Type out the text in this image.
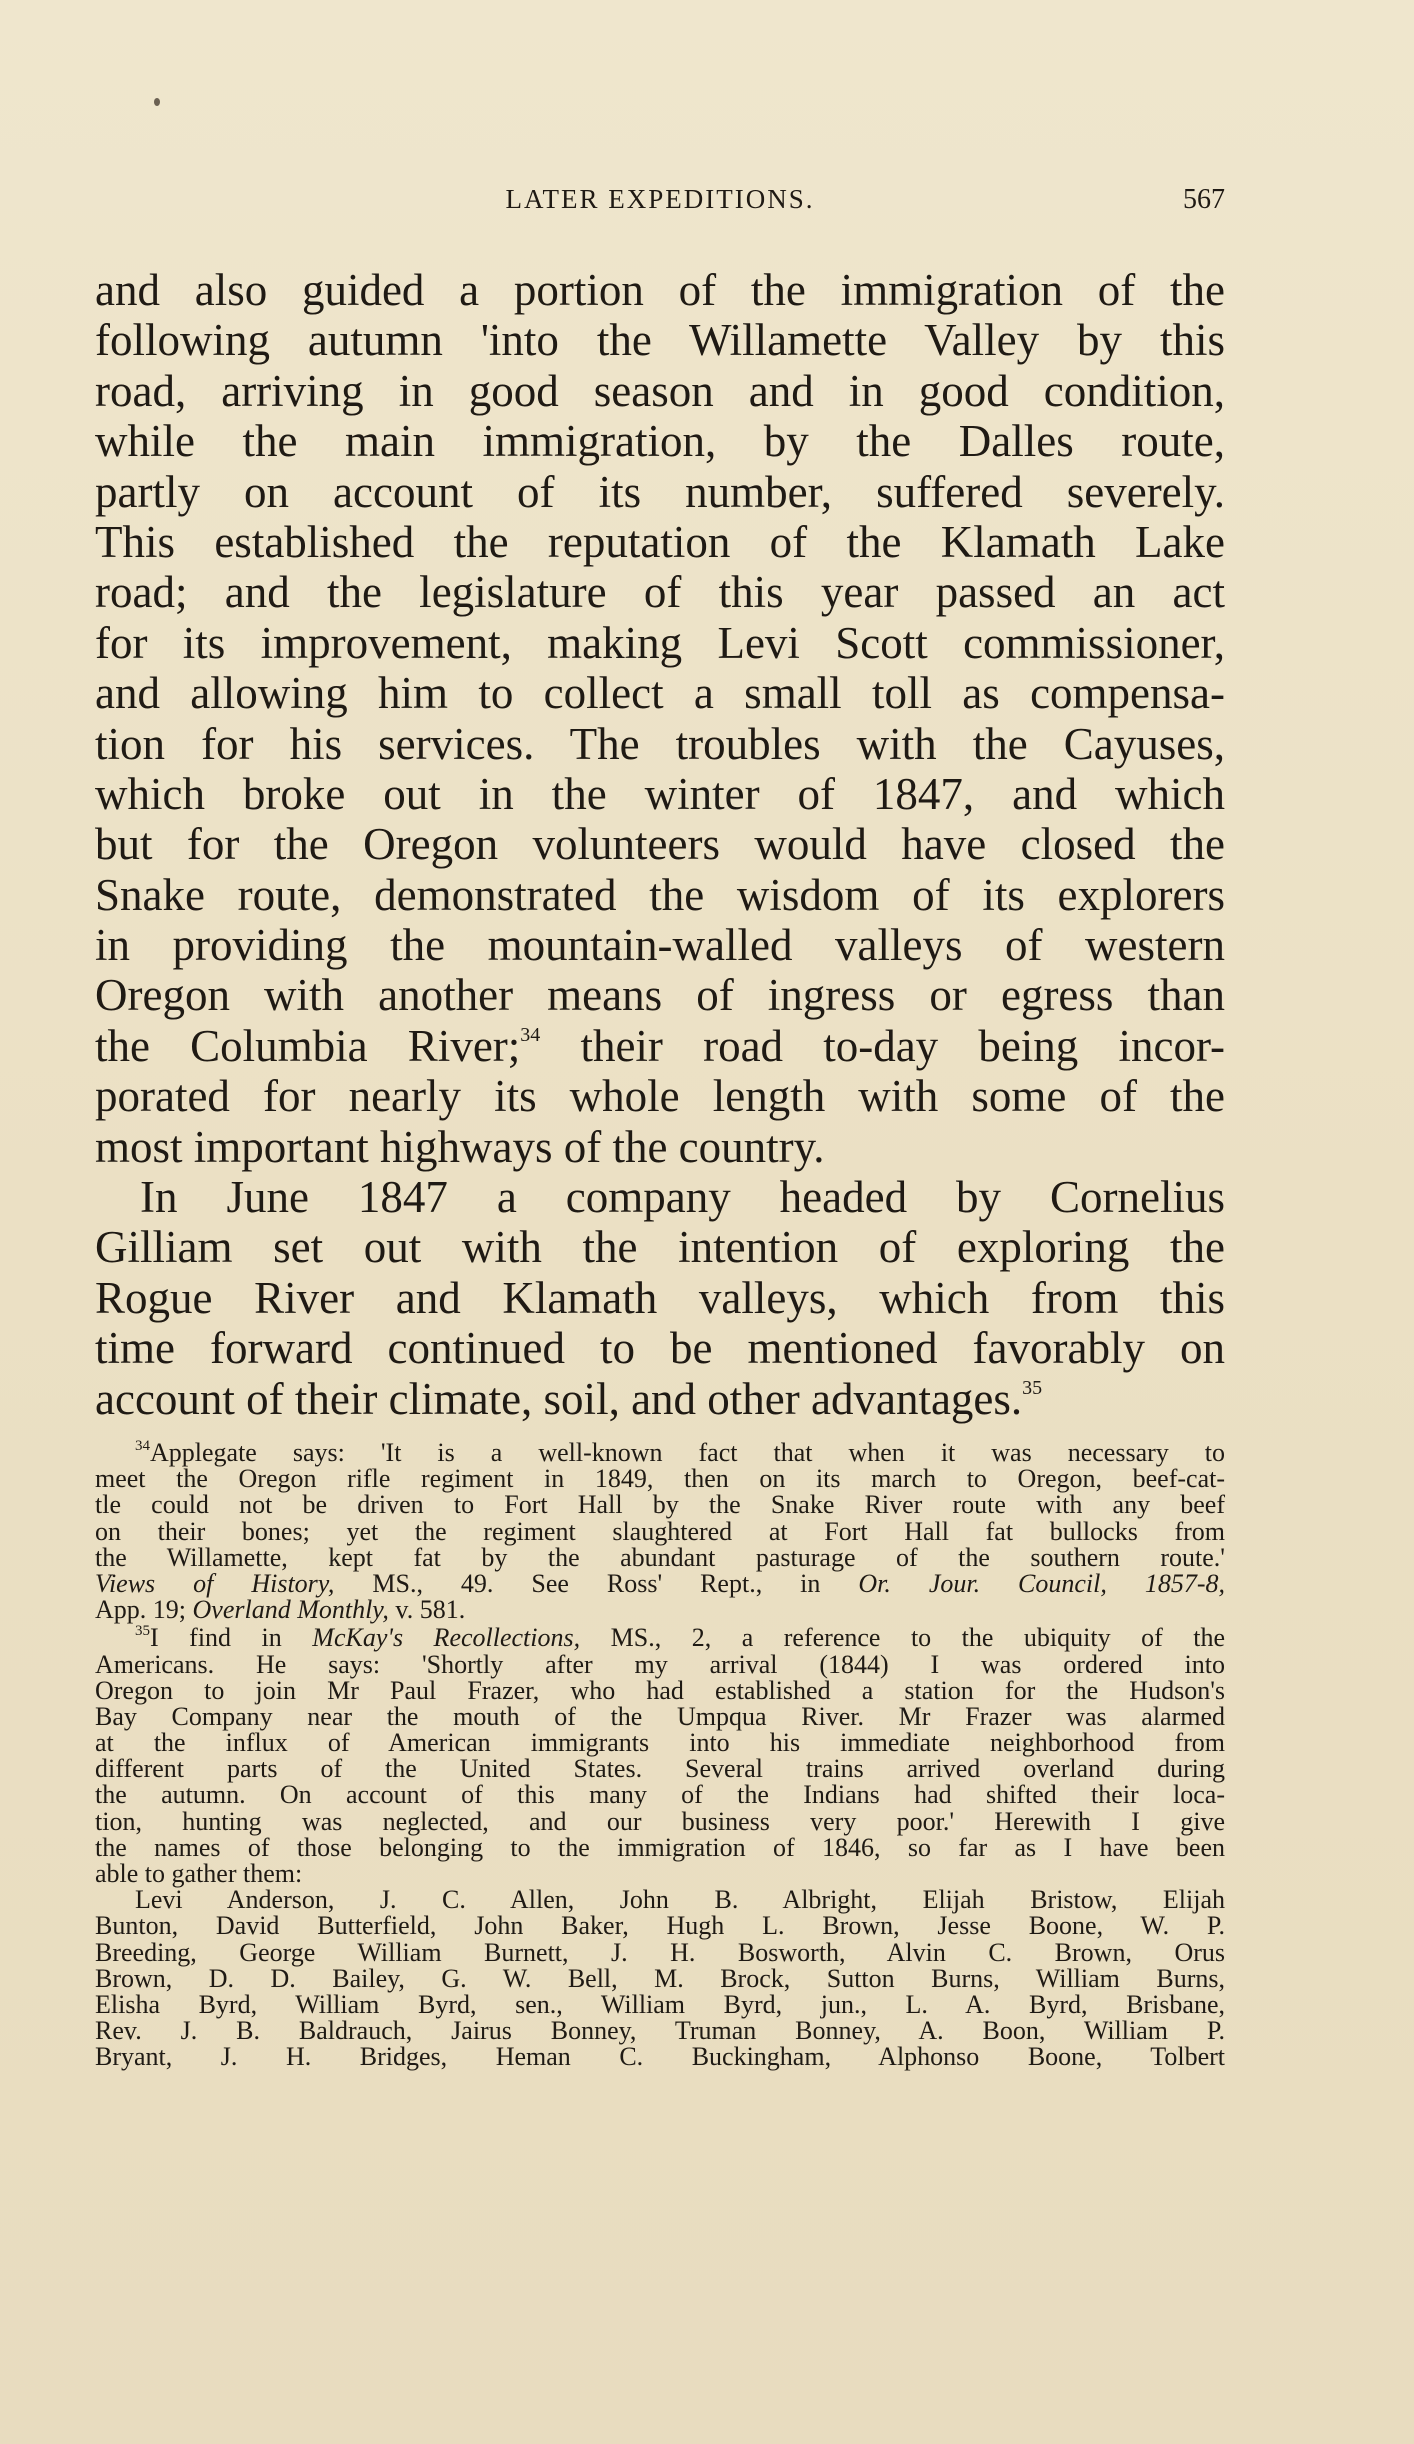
LATER EXPEDITIONS.	567
and also guided a portion of the immigration of the
following autumn 'into the Willamette Valley by this
road, arriving in good season and in good condition,
while the main immigration, by the Dalles route,
partly on account of its number, suffered severely.
This established the reputation of the Klamath Lake
road; and the legislature of this year passed an act
for its improvement, making Levi Scott commissioner,
and allowing him to collect a small toll as compensa-
tion for his services. The troubles with the Cayuses,
which broke out in the winter of 1847, and which
but for the Oregon volunteers would have closed the
Snake route, demonstrated the wisdom of its explorers
in providing the mountain-walled valleys of western
Oregon with another means of ingress or egress than
the Columbia River;$^{34}$ their road to-day being incor-
porated for nearly its whole length with some of the
most important highways of the country.
In June 1847 a company headed by Cornelius
Gilliam set out with the intention of exploring the
Rogue River and Klamath valleys, which from this
time forward continued to be mentioned favorably on
account of their climate, soil, and other advantages.$^{35}$
$^{34}$Applegate says: 'It is a well-known fact that when it was necessary to
meet the Oregon rifle regiment in 1849, then on its march to Oregon, beef-cat-
tle could not be driven to Fort Hall by the Snake River route with any beef
on their bones; yet the regiment slaughtered at Fort Hall fat bullocks from
the Willamette, kept fat by the abundant pasturage of the southern route.'
Views of History, MS., 49. See Ross' Rept., in Or. Jour. Council, 1857-8,
App. 19; Overland Monthly, v. 581.
$^{35}$I find in McKay's Recollections, MS., 2, a reference to the ubiquity of the
Americans. He says: 'Shortly after my arrival (1844) I was ordered into
Oregon to join Mr Paul Frazer, who had established a station for the Hudson's
Bay Company near the mouth of the Umpqua River. Mr Frazer was alarmed
at the influx of American immigrants into his immediate neighborhood from
different parts of the United States. Several trains arrived overland during
the autumn. On account of this many of the Indians had shifted their loca-
tion, hunting was neglected, and our business very poor.' Herewith I give
the names of those belonging to the immigration of 1846, so far as I have been
able to gather them:
Levi Anderson, J. C. Allen, John B. Albright, Elijah Bristow, Elijah
Bunton, David Butterfield, John Baker, Hugh L. Brown, Jesse Boone, W. P.
Breeding, George William Burnett, J. H. Bosworth, Alvin C. Brown, Orus
Brown, D. D. Bailey, G. W. Bell, M. Brock, Sutton Burns, William Burns,
Elisha Byrd, William Byrd, sen., William Byrd, jun., L. A. Byrd, Brisbane,
Rev. J. B. Baldrauch, Jairus Bonney, Truman Bonney, A. Boon, William P.
Bryant, J. H. Bridges, Heman C. Buckingham, Alphonso Boone, Tolbert
